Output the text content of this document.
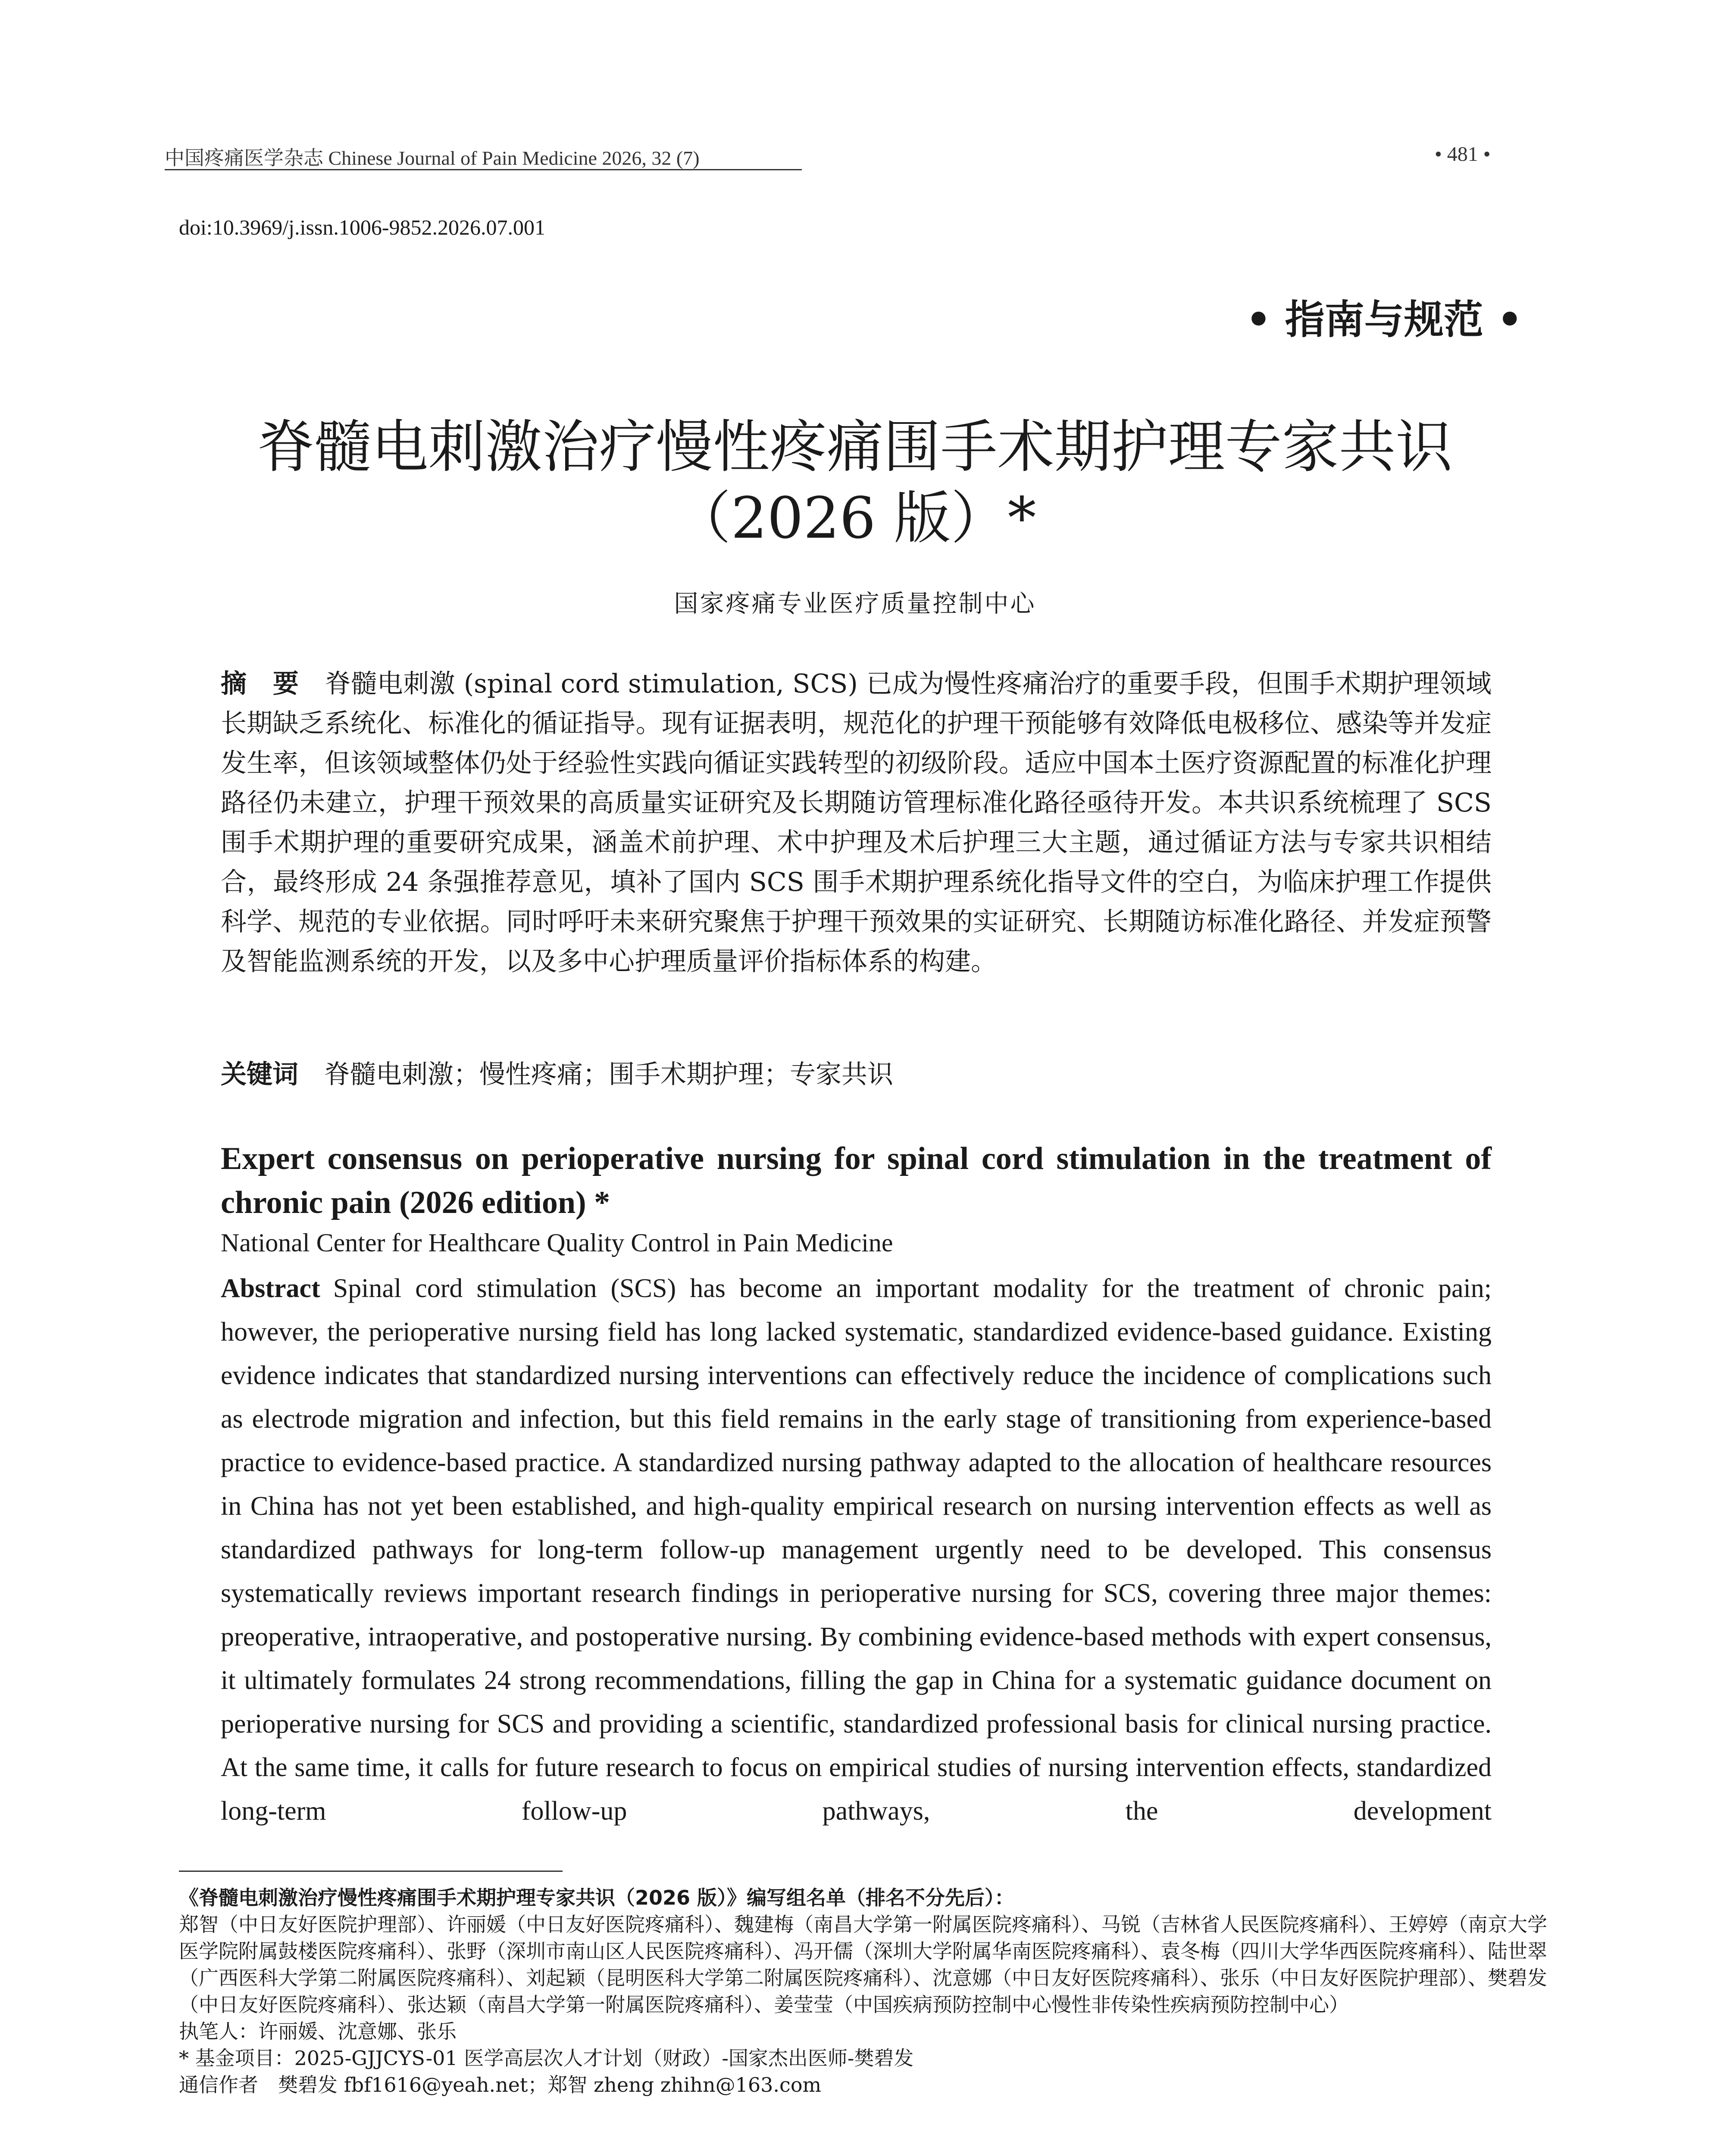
中国疼痛医学杂志 Chinese Journal of Pain Medicine 2026, 32 (7)	• 481 •
doi:10.3969/j.issn.1006-9852.2026.07.001
• 指南与规范 •
脊髓电刺激治疗慢性疼痛围手术期护理专家共识
（2026 版）*
国家疼痛专业医疗质量控制中心
摘　要　 脊髓电刺激 (spinal cord stimulation, SCS) 已成为慢性疼痛治疗的重要手段，但围手术期护理领域长期缺乏系统化、标准化的循证指导。现有证据表明，规范化的护理干预能够有效降低电极移位、感染等并发症发生率，但该领域整体仍处于经验性实践向循证实践转型的初级阶段。适应中国本土医疗资源配置的标准化护理路径仍未建立，护理干预效果的高质量实证研究及长期随访管理标准化路径亟待开发。本共识系统梳理了 SCS 围手术期护理的重要研究成果，涵盖术前护理、术中护理及术后护理三大主题，通过循证方法与专家共识相结合，最终形成 24 条强推荐意见，填补了国内 SCS 围手术期护理系统化指导文件的空白，为临床护理工作提供科学、规范的专业依据。同时呼吁未来研究聚焦于护理干预效果的实证研究、长期随访标准化路径、并发症预警及智能监测系统的开发，以及多中心护理质量评价指标体系的构建。
关键词　 脊髓电刺激；慢性疼痛；围手术期护理；专家共识
Expert consensus on perioperative nursing for spinal cord stimulation in the treatment of chronic pain (2026 edition) *
National Center for Healthcare Quality Control in Pain Medicine
Abstract Spinal cord stimulation (SCS) has become an important modality for the treatment of chronic pain; however, the perioperative nursing field has long lacked systematic, standardized evidence-based guidance. Existing evidence indicates that standardized nursing interventions can effectively reduce the incidence of complications such as electrode migration and infection, but this field remains in the early stage of transitioning from experience-based practice to evidence-based practice. A standardized nursing pathway adapted to the allocation of healthcare resources in China has not yet been established, and high-quality empirical research on nursing intervention effects as well as standardized pathways for long-term follow-up management urgently need to be developed. This consensus systematically reviews important research findings in perioperative nursing for SCS, covering three major themes: preoperative, intraoperative, and postoperative nursing. By combining evidence-based methods with expert consensus, it ultimately formulates 24 strong recommendations, filling the gap in China for a systematic guidance document on perioperative nursing for SCS and providing a scientific, standardized professional basis for clinical nursing practice. At the same time, it calls for future research to focus on empirical studies of nursing intervention effects, standardized long-term follow-up pathways, the development

《脊髓电刺激治疗慢性疼痛围手术期护理专家共识（2026 版）》编写组名单（排名不分先后）：

郑智（中日友好医院护理部）、许丽媛（中日友好医院疼痛科）、魏建梅（南昌大学第一附属医院疼痛科）、马锐（吉林省人民医院疼痛科）、王婷婷（南京大学医学院附属鼓楼医院疼痛科）、张野（深圳市南山区人民医院疼痛科）、冯开儒（深圳大学附属华南医院疼痛科）、袁冬梅（四川大学华西医院疼痛科）、陆世翠（广西医科大学第二附属医院疼痛科）、刘起颖（昆明医科大学第二附属医院疼痛科）、沈意娜（中日友好医院疼痛科）、张乐（中日友好医院护理部）、樊碧发（中日友好医院疼痛科）、张达颖（南昌大学第一附属医院疼痛科）、姜莹莹（中国疾病预防控制中心慢性非传染性疾病预防控制中心）

执笔人：许丽媛、沈意娜、张乐

* 基金项目：2025-GJJCYS-01 医学高层次人才计划（财政）-国家杰出医师-樊碧发

通信作者　樊碧发 fbf1616@yeah.net；郑智 zheng zhihn@163.com
